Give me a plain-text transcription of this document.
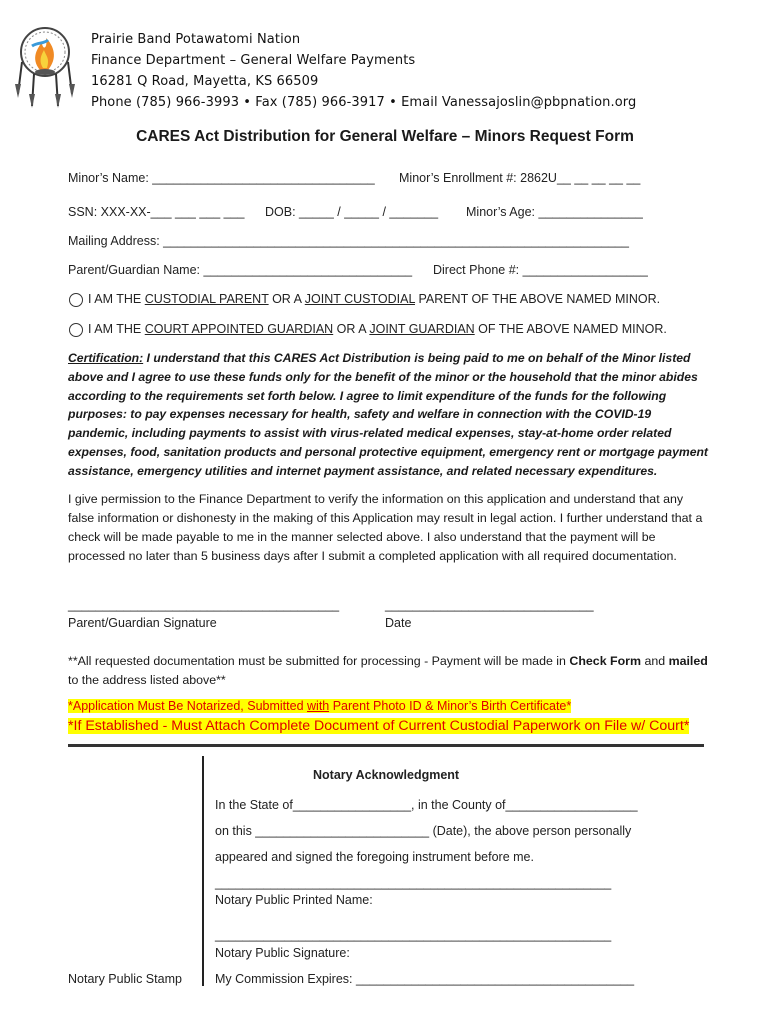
Prairie Band Potawatomi Nation
Finance Department – General Welfare Payments
16281 Q Road, Mayetta, KS 66509
Phone (785) 966-3993 • Fax (785) 966-3917 • Email Vanessajoslin@pbpnation.org
CARES Act Distribution for General Welfare – Minors Request Form
Minor’s Name: ________________________________ Minor’s Enrollment #: 2862U__ __ __ __ __
SSN: XXX-XX-___ ___ ___ ___ DOB: _____ / _____ / _______ Minor’s Age: _______________
Mailing Address: ___________________________________________________________________
Parent/Guardian Name: ______________________________ Direct Phone #: __________________
I AM THE CUSTODIAL PARENT OR A JOINT CUSTODIAL PARENT OF THE ABOVE NAMED MINOR.
I AM THE COURT APPOINTED GUARDIAN OR A JOINT GUARDIAN OF THE ABOVE NAMED MINOR.
Certification: I understand that this CARES Act Distribution is being paid to me on behalf of the Minor listed above and I agree to use these funds only for the benefit of the minor or the household that the minor abides according to the requirements set forth below. I agree to limit expenditure of the funds for the following purposes: to pay expenses necessary for health, safety and welfare in connection with the COVID-19 pandemic, including payments to assist with virus-related medical expenses, stay-at-home order related expenses, food, sanitation products and personal protective equipment, emergency rent or mortgage payment assistance, emergency utilities and internet payment assistance, and related necessary expenditures.
I give permission to the Finance Department to verify the information on this application and understand that any false information or dishonesty in the making of this Application may result in legal action. I further understand that a check will be made payable to me in the manner selected above. I also understand that the payment will be processed no later than 5 business days after I submit a completed application with all required documentation.
_______________________________________
Parent/Guardian Signature
______________________________
Date
**All requested documentation must be submitted for processing - Payment will be made in Check Form and mailed to the address listed above**
*Application Must Be Notarized, Submitted with Parent Photo ID & Minor’s Birth Certificate*
*If Established - Must Attach Complete Document of Current Custodial Paperwork on File w/ Court*
Notary Acknowledgment
In the State of_________________, in the County of___________________
on this _________________________ (Date), the above person personally
appeared and signed the foregoing instrument before me.
_________________________________________________________
Notary Public Printed Name:
_________________________________________________________
Notary Public Signature:
My Commission Expires: ________________________________________
Notary Public Stamp
